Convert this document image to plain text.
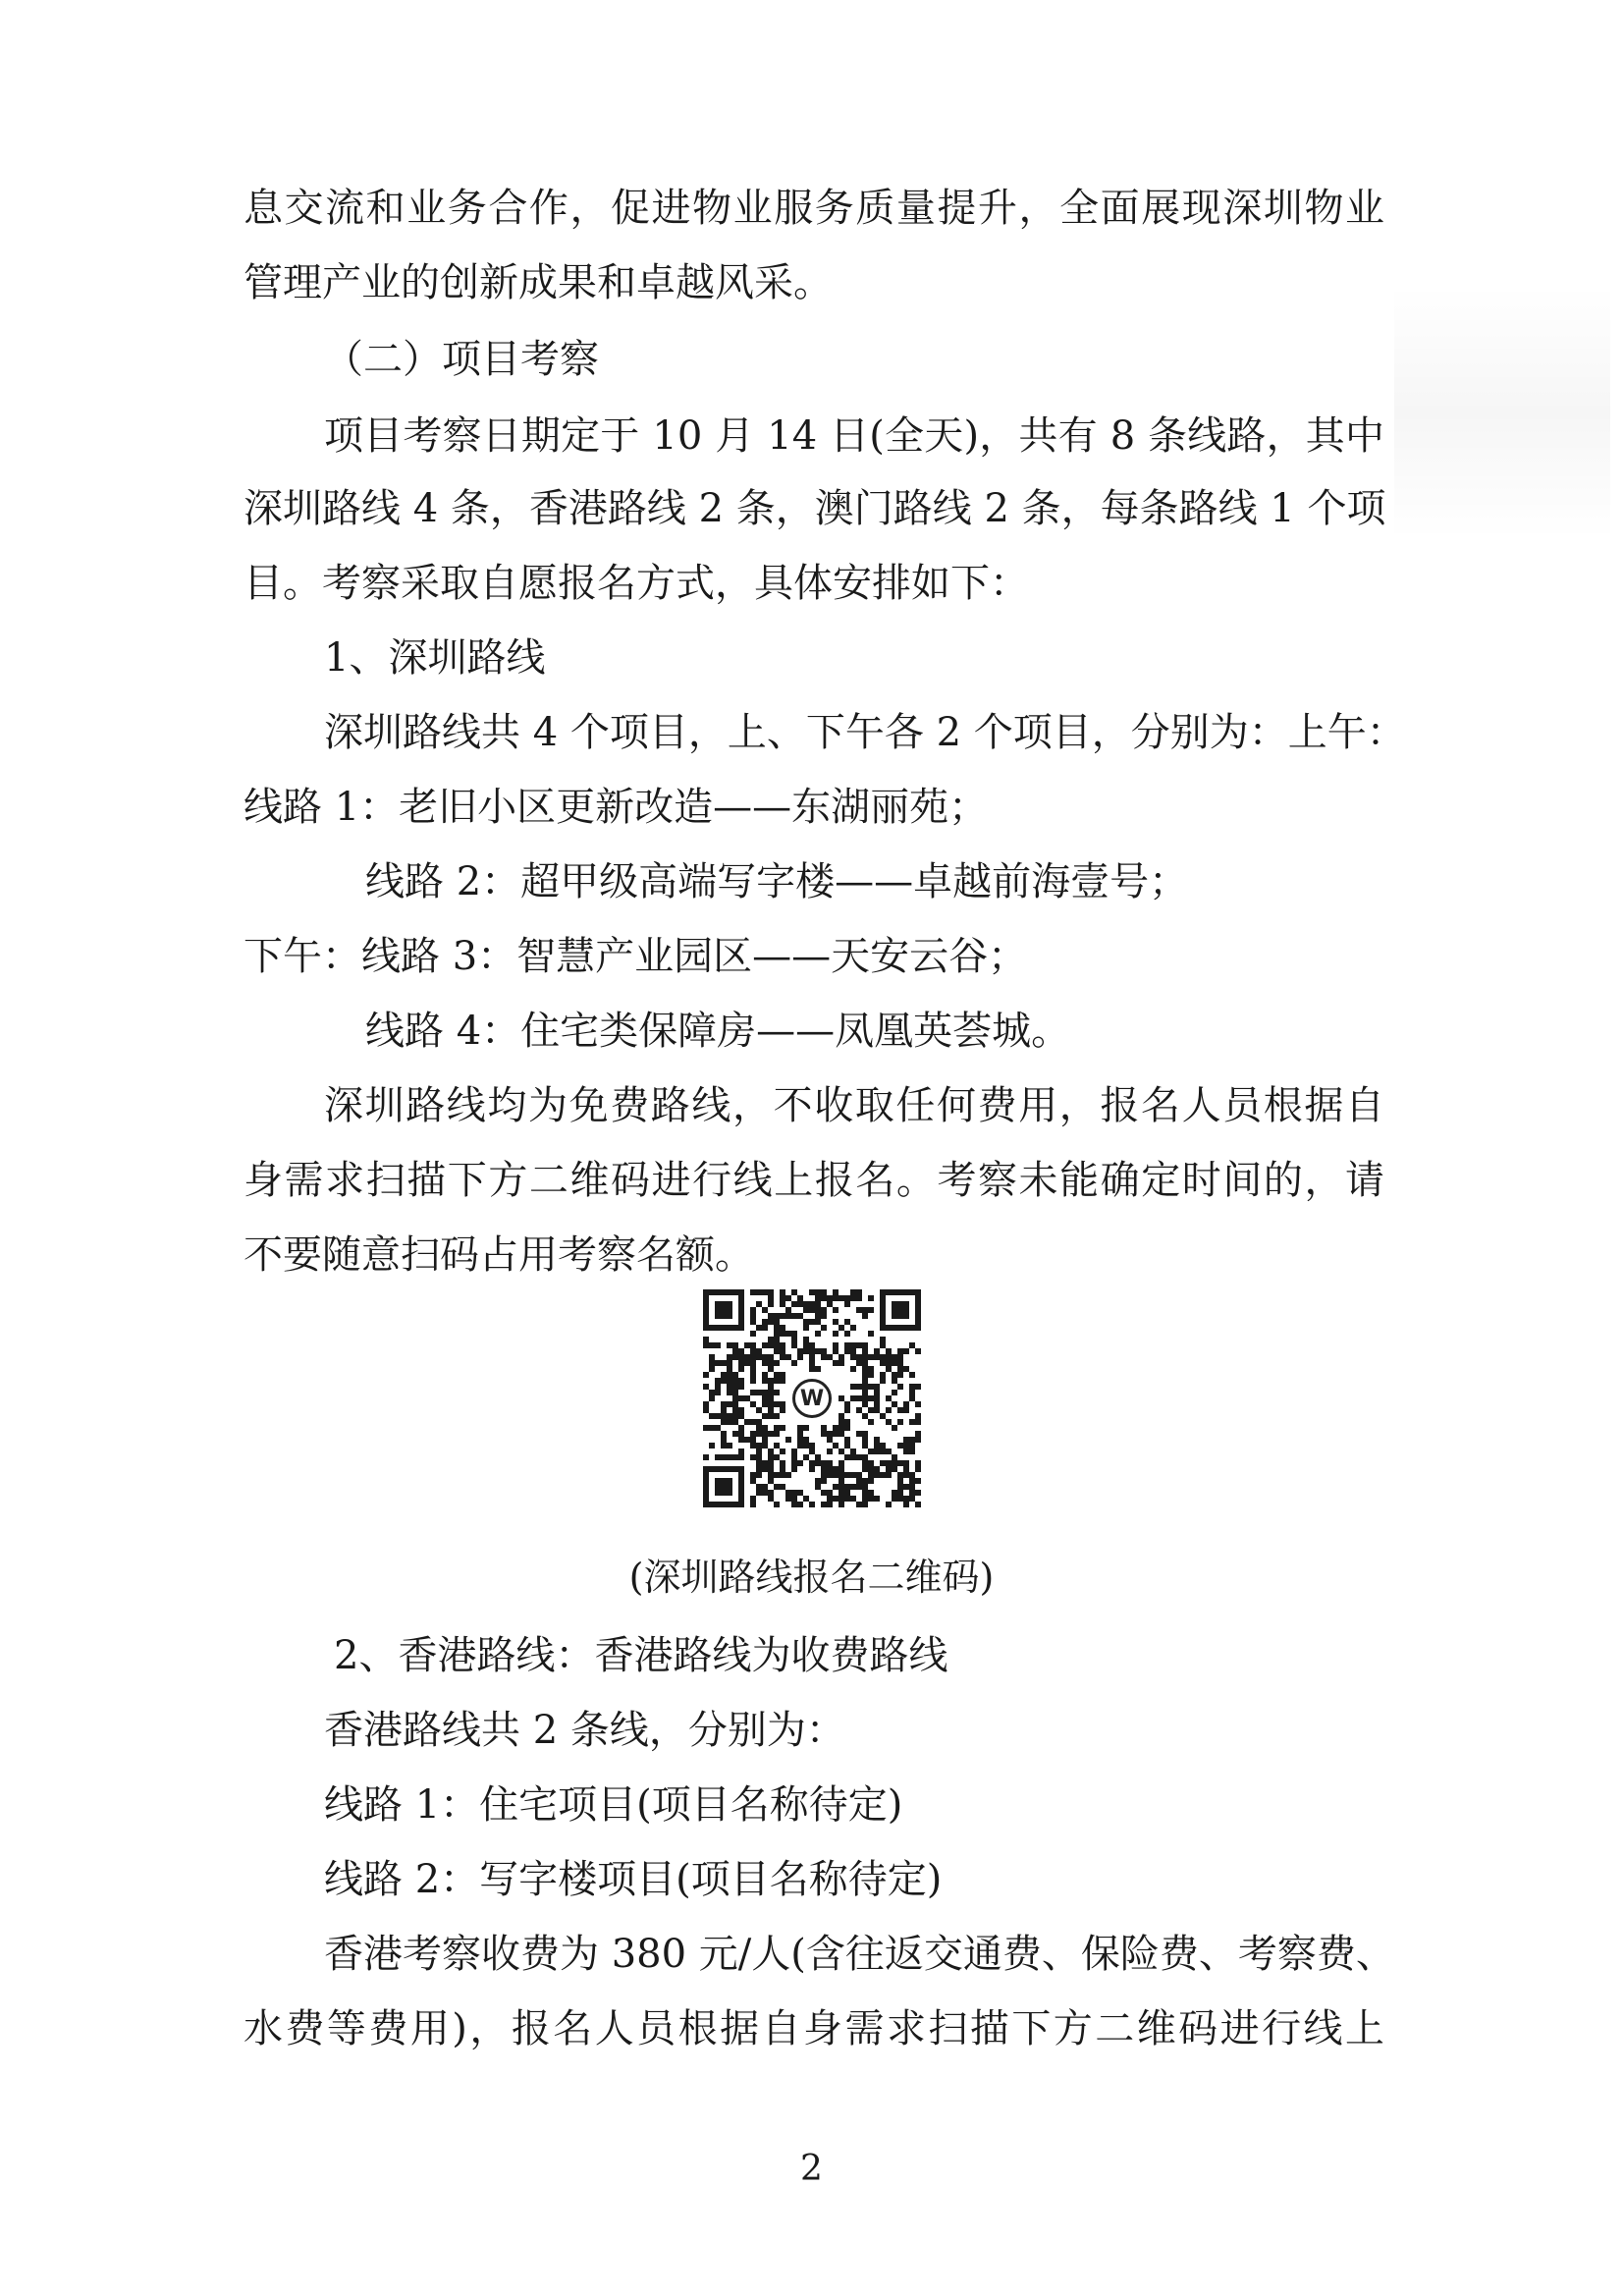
息交流和业务合作，促进物业服务质量提升，全面展现深圳物业
管理产业的创新成果和卓越风采。
（二）项目考察
项目考察日期定于 10 月 14 日(全天)，共有 8 条线路，其中
深圳路线 4 条，香港路线 2 条，澳门路线 2 条，每条路线 1 个项
目。考察采取自愿报名方式，具体安排如下：
1、深圳路线
深圳路线共 4 个项目，上、下午各 2 个项目，分别为：上午：
线路 1：老旧小区更新改造——东湖丽苑；
线路 2：超甲级高端写字楼——卓越前海壹号；
下午：线路 3：智慧产业园区——天安云谷；
线路 4：住宅类保障房——凤凰英荟城。
深圳路线均为免费路线，不收取任何费用，报名人员根据自
身需求扫描下方二维码进行线上报名。考察未能确定时间的，请
不要随意扫码占用考察名额。
W
(深圳路线报名二维码)
2、香港路线：香港路线为收费路线
香港路线共 2 条线，分别为：
线路 1：住宅项目(项目名称待定)
线路 2：写字楼项目(项目名称待定)
香港考察收费为 380 元/人(含往返交通费、保险费、考察费、
水费等费用)，报名人员根据自身需求扫描下方二维码进行线上
2
